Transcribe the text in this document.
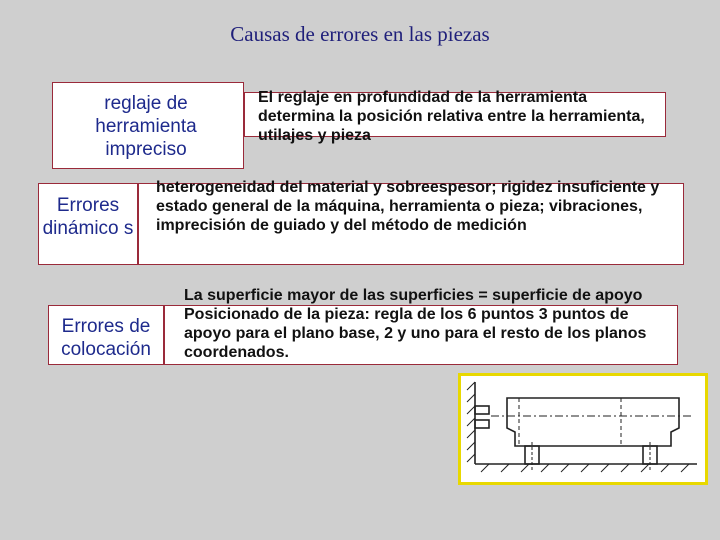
Causas de errores en las piezas
reglaje de herramienta impreciso
El reglaje en profundidad de la herramienta determina la posición relativa entre la herramienta, utilajes y pieza
Errores dinámico s
heterogeneidad del material y sobreespesor; rigidez insuficiente y estado general de la máquina, herramienta o pieza; vibraciones, imprecisión de guiado y del método de medición
Errores de colocación
La superficie mayor de las superficies = superficie de apoyo Posicionado de la pieza: regla de los 6 puntos 3 puntos de apoyo para el plano base, 2 y uno para el resto de los planos coordenados.
